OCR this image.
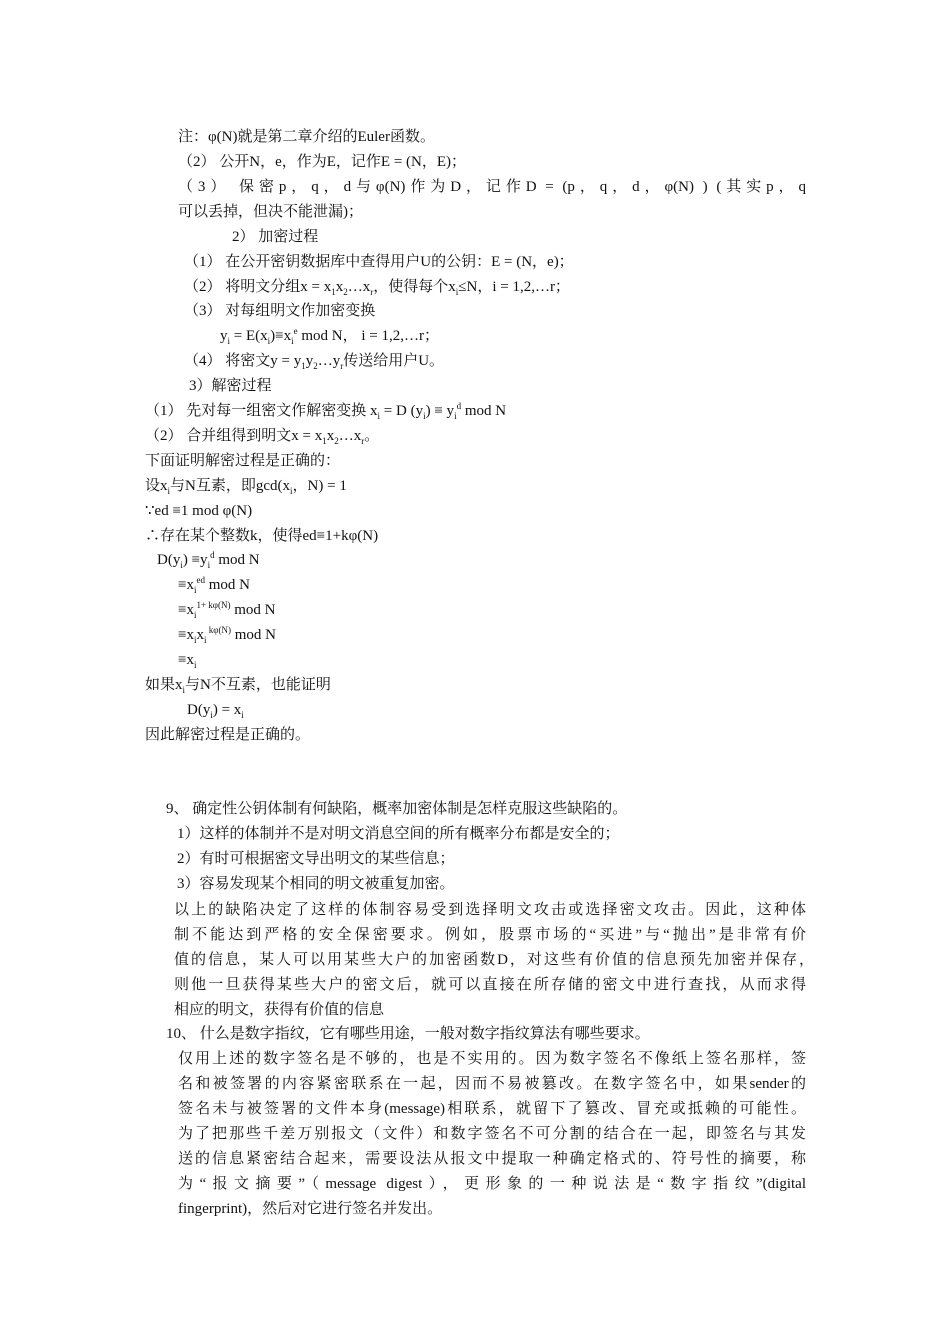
注：φ(N)就是第二章介绍的Euler函数。
（2） 公开N，e，作为E，记作E = (N，E)；
（3） 保密p，q，d与φ(N)作为D，记作D = (p，q，d，φ(N) ) (其实p，q
可以丢掉，但决不能泄漏)；
2） 加密过程
（1） 在公开密钥数据库中查得用户U的公钥：E = (N，e)；
（2） 将明文分组$x = x_1x_2\dots x_r$，使得每个$x_i\le N$，i = 1,2,…r；
（3） 对每组明文作加密变换
$y_i = E(x_i)\equiv x_i^e$ mod N， i = 1,2,…r；
（4） 将密文$y = y_1y_2\dots y_r$传送给用户U。
3）解密过程
（1） 先对每一组密文作解密变换 $x_i = D$ $(y_i) \equiv y_i^d$ mod N
（2） 合并组得到明文$x = x_1x_2\dots x_r$。
下面证明解密过程是正确的：
设$x_i$与N互素，即$\gcd(x_i$，N) = 1
∵ed ≡1 mod φ(N)
∴存在某个整数k，使得ed≡1+kφ(N)
$D(y_i) \equiv y_i^d$ mod N
$\equiv x_i^{ed}$ mod N
$\equiv x_i^{1+ k\varphi(N)}$ mod N
$\equiv x_ix_i$ $^{k\varphi(N)}$ mod N
$\equiv x_i$
如果$x_i$与N不互素，也能证明
$D(y_i) = x_i$
因此解密过程是正确的。
9、 确定性公钥体制有何缺陷，概率加密体制是怎样克服这些缺陷的。
1）这样的体制并不是对明文消息空间的所有概率分布都是安全的；
2）有时可根据密文导出明文的某些信息；
3）容易发现某个相同的明文被重复加密。
以上的缺陷决定了这样的体制容易受到选择明文攻击或选择密文攻击。因此，这种体
制不能达到严格的安全保密要求。例如，股票市场的“买进”与“抛出”是非常有价
值的信息，某人可以用某些大户的加密函数D，对这些有价值的信息预先加密并保存，
则他一旦获得某些大户的密文后，就可以直接在所存储的密文中进行查找，从而求得
相应的明文，获得有价值的信息
10、 什么是数字指纹，它有哪些用途，一般对数字指纹算法有哪些要求。
仅用上述的数字签名是不够的，也是不实用的。因为数字签名不像纸上签名那样，签
名和被签署的内容紧密联系在一起，因而不易被篡改。在数字签名中，如果sender的
签名未与被签署的文件本身(message)相联系，就留下了篡改、冒充或抵赖的可能性。
为了把那些千差万别报文（文件）和数字签名不可分割的结合在一起，即签名与其发
送的信息紧密结合起来，需要设法从报文中提取一种确定格式的、符号性的摘要，称
为“报文摘要”（message digest），更形象的一种说法是“数字指纹”(digital
fingerprint)，然后对它进行签名并发出。
